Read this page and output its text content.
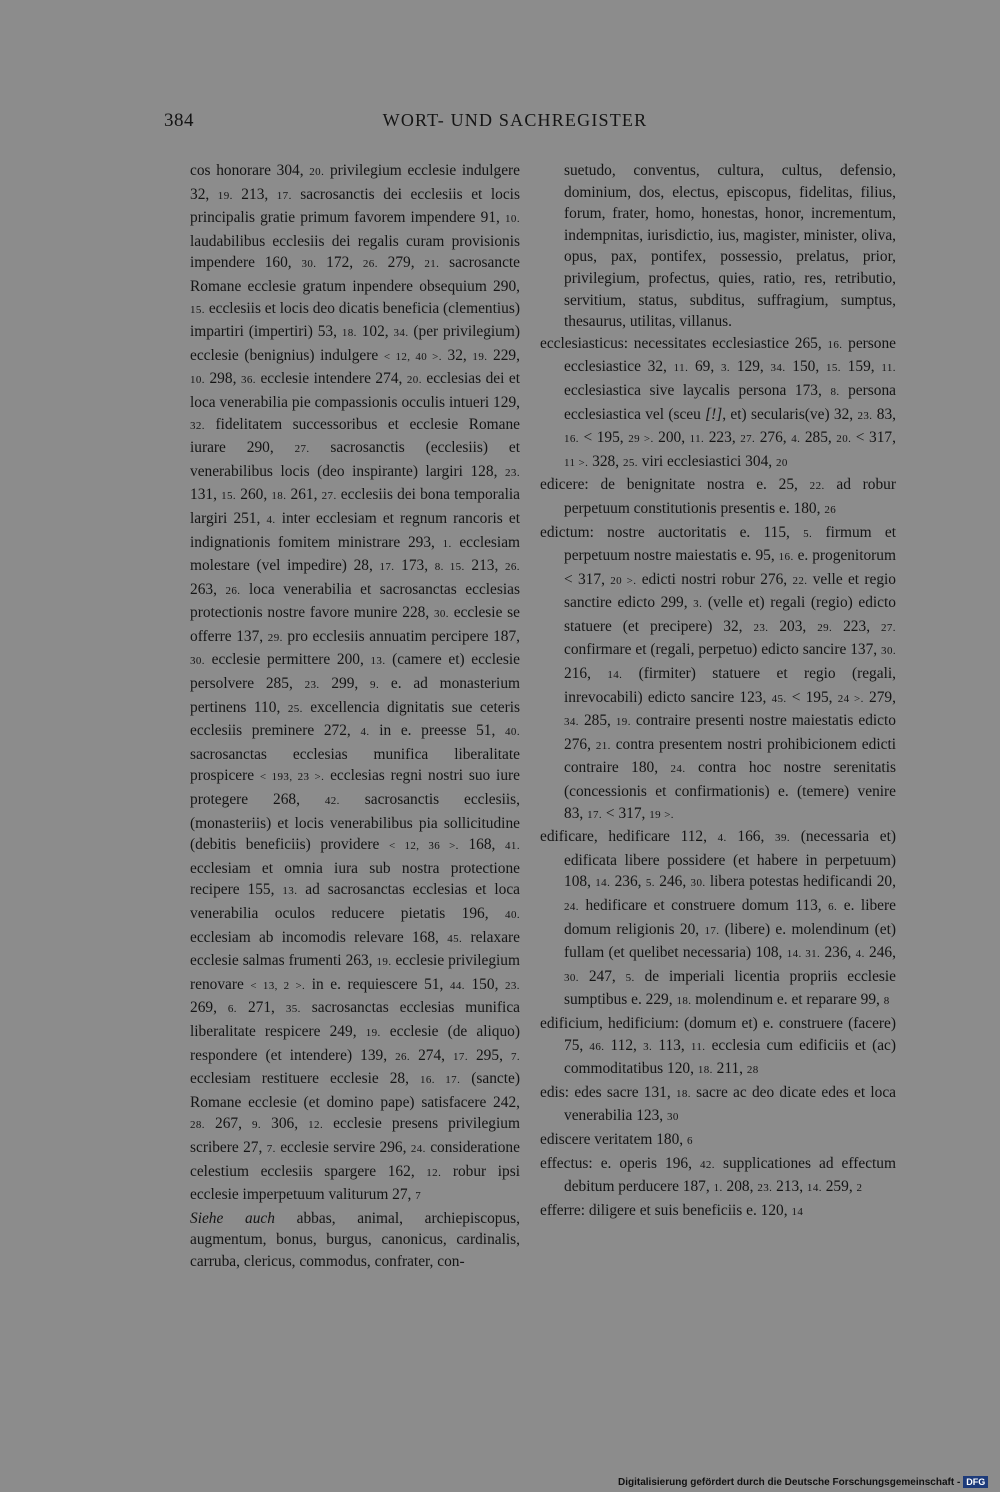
384	WORT- UND SACHREGISTER

cos honorare 304, 20. privilegium ecclesie indulgere 32, 19. 213, 17. sacrosanctis dei ecclesiis et locis principalis gratie primum favorem impendere 91, 10. laudabilibus ecclesiis dei regalis curam provisionis impendere 160, 30. 172, 26. 279, 21. sacrosancte Romane ecclesie gratum inpendere obsequium 290, 15. ecclesiis et locis deo dicatis beneficia (clementius) impartiri (impertiri) 53, 18. 102, 34. (per privilegium) ecclesie (benignius) indulgere < 12, 40 >. 32, 19. 229, 10. 298, 36. ecclesie intendere 274, 20. ecclesias dei et loca venerabilia pie compassionis occulis intueri 129, 32. fidelitatem successoribus et ecclesie Romane iurare 290, 27. sacrosanctis (ecclesiis) et venerabilibus locis (deo inspirante) largiri 128, 23. 131, 15. 260, 18. 261, 27. ecclesiis dei bona temporalia largiri 251, 4. inter ecclesiam et regnum rancoris et indignationis fomitem ministrare 293, 1. ecclesiam molestare (vel impedire) 28, 17. 173, 8. 15. 213, 26. 263, 26. loca venerabilia et sacrosanctas ecclesias protectionis nostre favore munire 228, 30. ecclesie se offerre 137, 29. pro ecclesiis annuatim percipere 187, 30. ecclesie permittere 200, 13. (camere et) ecclesie persolvere 285, 23. 299, 9. e. ad monasterium pertinens 110, 25. excellencia dignitatis sue ceteris ecclesiis preminere 272, 4. in e. preesse 51, 40. sacrosanctas ecclesias munifica liberalitate prospicere < 193, 23 >. ecclesias regni nostri suo iure protegere 268, 42. sacrosanctis ecclesiis, (monasteriis) et locis venerabilibus pia sollicitudine (debitis beneficiis) providere < 12, 36 >. 168, 41. ecclesiam et omnia iura sub nostra protectione recipere 155, 13. ad sacrosanctas ecclesias et loca venerabilia oculos reducere pietatis 196, 40. ecclesiam ab incomodis relevare 168, 45. relaxare ecclesie salmas frumenti 263, 19. ecclesie privilegium renovare < 13, 2 >. in e. requiescere 51, 44. 150, 23. 269, 6. 271, 35. sacrosanctas ecclesias munifica liberalitate respicere 249, 19. ecclesie (de aliquo) respondere (et intendere) 139, 26. 274, 17. 295, 7. ecclesiam restituere ecclesie 28, 16. 17. (sancte) Romane ecclesie (et domino pape) satisfacere 242, 28. 267, 9. 306, 12. ecclesie presens privilegium scribere 27, 7. ecclesie servire 296, 24. consideratione celestium ecclesiis spargere 162, 12. robur ipsi ecclesie imperpetuum valiturum 27, 7

Siehe auch abbas, animal, archiepiscopus, augmentum, bonus, burgus, canonicus, cardinalis, carruba, clericus, commodus, confrater, con-

suetudo, conventus, cultura, cultus, defensio, dominium, dos, electus, episcopus, fidelitas, filius, forum, frater, homo, honestas, honor, incrementum, indempnitas, iurisdictio, ius, magister, minister, oliva, opus, pax, pontifex, possessio, prelatus, prior, privilegium, profectus, quies, ratio, res, retributio, servitium, status, subditus, suffragium, sumptus, thesaurus, utilitas, villanus.

ecclesiasticus: necessitates ecclesiastice 265, 16. persone ecclesiastice 32, 11. 69, 3. 129, 34. 150, 15. 159, 11. ecclesiastica sive laycalis persona 173, 8. persona ecclesiastica vel (sceu [!], et) secularis(ve) 32, 23. 83, 16. < 195, 29 >. 200, 11. 223, 27. 276, 4. 285, 20. < 317, 11 >. 328, 25. viri ecclesiastici 304, 20

edicere: de benignitate nostra e. 25, 22. ad robur perpetuum constitutionis presentis e. 180, 26

edictum: nostre auctoritatis e. 115, 5. firmum et perpetuum nostre maiestatis e. 95, 16. e. progenitorum < 317, 20 >. edicti nostri robur 276, 22. velle et regio sanctire edicto 299, 3. (velle et) regali (regio) edicto statuere (et precipere) 32, 23. 203, 29. 223, 27. confirmare et (regali, perpetuo) edicto sancire 137, 30. 216, 14. (firmiter) statuere et regio (regali, inrevocabili) edicto sancire 123, 45. < 195, 24 >. 279, 34. 285, 19. contraire presenti nostre maiestatis edicto 276, 21. contra presentem nostri prohibicionem edicti contraire 180, 24. contra hoc nostre serenitatis (concessionis et confirmationis) e. (temere) venire 83, 17. < 317, 19 >.

edificare, hedificare 112, 4. 166, 39. (necessaria et) edificata libere possidere (et habere in perpetuum) 108, 14. 236, 5. 246, 30. libera potestas hedificandi 20, 24. hedificare et construere domum 113, 6. e. libere domum religionis 20, 17. (libere) e. molendinum (et) fullam (et quelibet necessaria) 108, 14. 31. 236, 4. 246, 30. 247, 5. de imperiali licentia propriis ecclesie sumptibus e. 229, 18. molendinum e. et reparare 99, 8

edificium, hedificium: (domum et) e. construere (facere) 75, 46. 112, 3. 113, 11. ecclesia cum edificiis et (ac) commoditatibus 120, 18. 211, 28

edis: edes sacre 131, 18. sacre ac deo dicate edes et loca venerabilia 123, 30

ediscere veritatem 180, 6

effectus: e. operis 196, 42. supplicationes ad effectum debitum perducere 187, 1. 208, 23. 213, 14. 259, 2

efferre: diligere et suis beneficiis e. 120, 14

Digitalisierung gefördert durch die Deutsche Forschungsgemeinschaft - DFG
